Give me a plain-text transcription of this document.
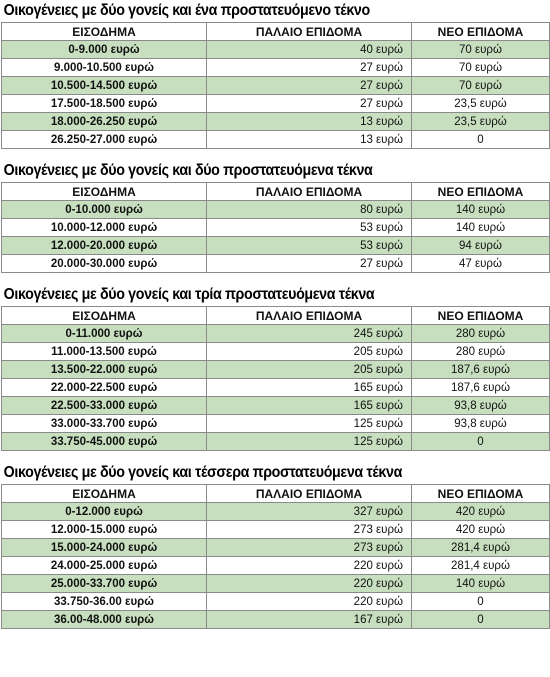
Οικογένειες με δύο γονείς και ένα προστατευόμενο τέκνο
ΕΙΣΟΔΗΜΑ	ΠΑΛΑΙΟ ΕΠΙΔΟΜΑ	ΝΕΟ ΕΠΙΔΟΜΑ
0-9.000 ευρώ	40 ευρώ	70 ευρώ
9.000-10.500 ευρώ	27 ευρώ	70 ευρώ
10.500-14.500 ευρώ	27 ευρώ	70 ευρώ
17.500-18.500 ευρώ	27 ευρώ	23,5 ευρώ
18.000-26.250 ευρώ	13 ευρώ	23,5 ευρώ
26.250-27.000 ευρώ	13 ευρώ	0
Οικογένειες με δύο γονείς και δύο προστατευόμενα τέκνα
ΕΙΣΟΔΗΜΑ	ΠΑΛΑΙΟ ΕΠΙΔΟΜΑ	ΝΕΟ ΕΠΙΔΟΜΑ
0-10.000 ευρώ	80 ευρώ	140 ευρώ
10.000-12.000 ευρώ	53 ευρώ	140 ευρώ
12.000-20.000 ευρώ	53 ευρώ	94 ευρώ
20.000-30.000 ευρώ	27 ευρώ	47 ευρώ
Οικογένειες με δύο γονείς και τρία προστατευόμενα τέκνα
ΕΙΣΟΔΗΜΑ	ΠΑΛΑΙΟ ΕΠΙΔΟΜΑ	ΝΕΟ ΕΠΙΔΟΜΑ
0-11.000 ευρώ	245 ευρώ	280 ευρώ
11.000-13.500 ευρώ	205 ευρώ	280 ευρώ
13.500-22.000 ευρώ	205 ευρώ	187,6 ευρώ
22.000-22.500 ευρώ	165 ευρώ	187,6 ευρώ
22.500-33.000 ευρώ	165 ευρώ	93,8 ευρώ
33.000-33.700 ευρώ	125 ευρώ	93,8 ευρώ
33.750-45.000 ευρώ	125 ευρώ	0
Οικογένειες με δύο γονείς και τέσσερα προστατευόμενα τέκνα
ΕΙΣΟΔΗΜΑ	ΠΑΛΑΙΟ ΕΠΙΔΟΜΑ	ΝΕΟ ΕΠΙΔΟΜΑ
0-12.000 ευρώ	327 ευρώ	420 ευρώ
12.000-15.000 ευρώ	273 ευρώ	420 ευρώ
15.000-24.000 ευρώ	273 ευρώ	281,4 ευρώ
24.000-25.000 ευρώ	220 ευρώ	281,4 ευρώ
25.000-33.700 ευρώ	220 ευρώ	140 ευρώ
33.750-36.00 ευρώ	220 ευρώ	0
36.00-48.000 ευρώ	167 ευρώ	0
